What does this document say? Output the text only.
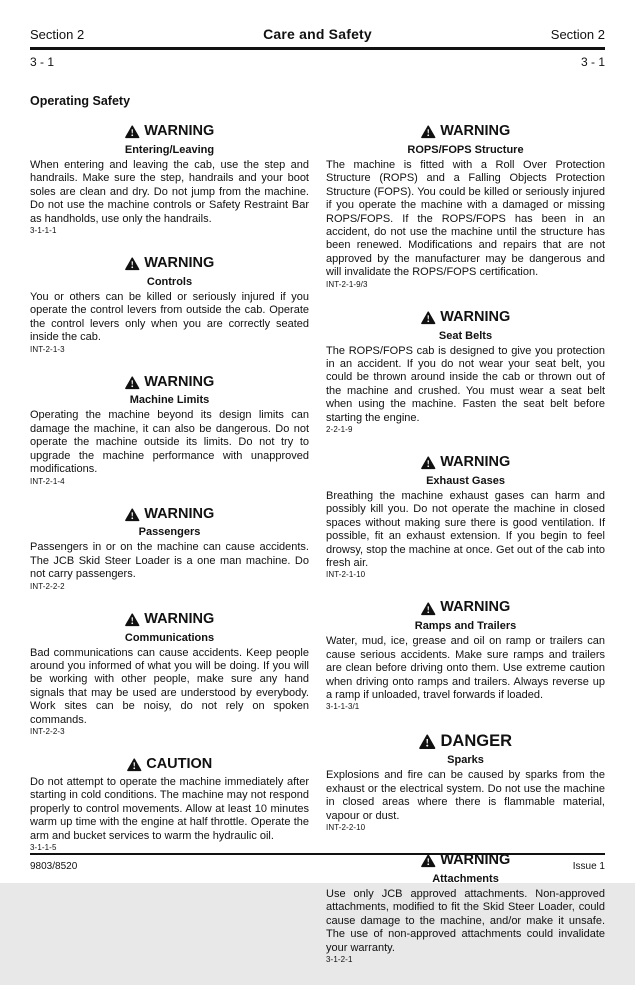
Section 2	Care and Safety	Section 2
3 - 1	3 - 1
Operating Safety
WARNING
Entering/Leaving
When entering and leaving the cab, use the step and handrails. Make sure the step, handrails and your boot soles are clean and dry. Do not jump from the machine. Do not use the machine controls or Safety Restraint Bar as handholds, use only the handrails.
3-1-1-1
WARNING
Controls
You or others can be killed or seriously injured if you operate the control levers from outside the cab. Operate the control levers only when you are correctly seated inside the cab.
INT-2-1-3
WARNING
Machine Limits
Operating the machine beyond its design limits can damage the machine, it can also be dangerous. Do not operate the machine outside its limits. Do not try to upgrade the machine performance with unapproved modifications.
INT-2-1-4
WARNING
Passengers
Passengers in or on the machine can cause accidents. The JCB Skid Steer Loader is a one man machine. Do not carry passengers.
INT-2-2-2
WARNING
Communications
Bad communications can cause accidents. Keep people around you informed of what you will be doing. If you will be working with other people, make sure any hand signals that may be used are understood by everybody. Work sites can be noisy, do not rely on spoken commands.
INT-2-2-3
CAUTION
Do not attempt to operate the machine immediately after starting in cold conditions. The machine may not respond properly to control movements. Allow at least 10 minutes warm up time with the engine at half throttle. Operate the arm and bucket services to warm the hydraulic oil.
3-1-1-5
WARNING
ROPS/FOPS Structure
The machine is fitted with a Roll Over Protection Structure (ROPS) and a Falling Objects Protection Structure (FOPS). You could be killed or seriously injured if you operate the machine with a damaged or missing ROPS/FOPS. If the ROPS/FOPS has been in an accident, do not use the machine until the structure has been renewed. Modifications and repairs that are not approved by the manufacturer may be dangerous and will invalidate the ROPS/FOPS certification.
INT-2-1-9/3
WARNING
Seat Belts
The ROPS/FOPS cab is designed to give you protection in an accident. If you do not wear your seat belt, you could be thrown around inside the cab or thrown out of the machine and crushed. You must wear a seat belt when using the machine. Fasten the seat belt before starting the engine.
2-2-1-9
WARNING
Exhaust Gases
Breathing the machine exhaust gases can harm and possibly kill you. Do not operate the machine in closed spaces without making sure there is good ventilation. If possible, fit an exhaust extension. If you begin to feel drowsy, stop the machine at once. Get out of the cab into fresh air.
INT-2-1-10
WARNING
Ramps and Trailers
Water, mud, ice, grease and oil on ramp or trailers can cause serious accidents. Make sure ramps and trailers are clean before driving onto them. Use extreme caution when driving onto ramps and trailers. Always reverse up a ramp if unloaded, travel forwards if loaded.
3-1-1-3/1
DANGER
Sparks
Explosions and fire can be caused by sparks from the exhaust or the electrical system. Do not use the machine in closed areas where there is flammable material, vapour or dust.
INT-2-2-10
WARNING
Attachments
Use only JCB approved attachments. Non-approved attachments, modified to fit the Skid Steer Loader, could cause damage to the machine, and/or make it unsafe. The use of non-approved attachments could invalidate your warranty.
3-1-2-1
9803/8520	Issue 1
